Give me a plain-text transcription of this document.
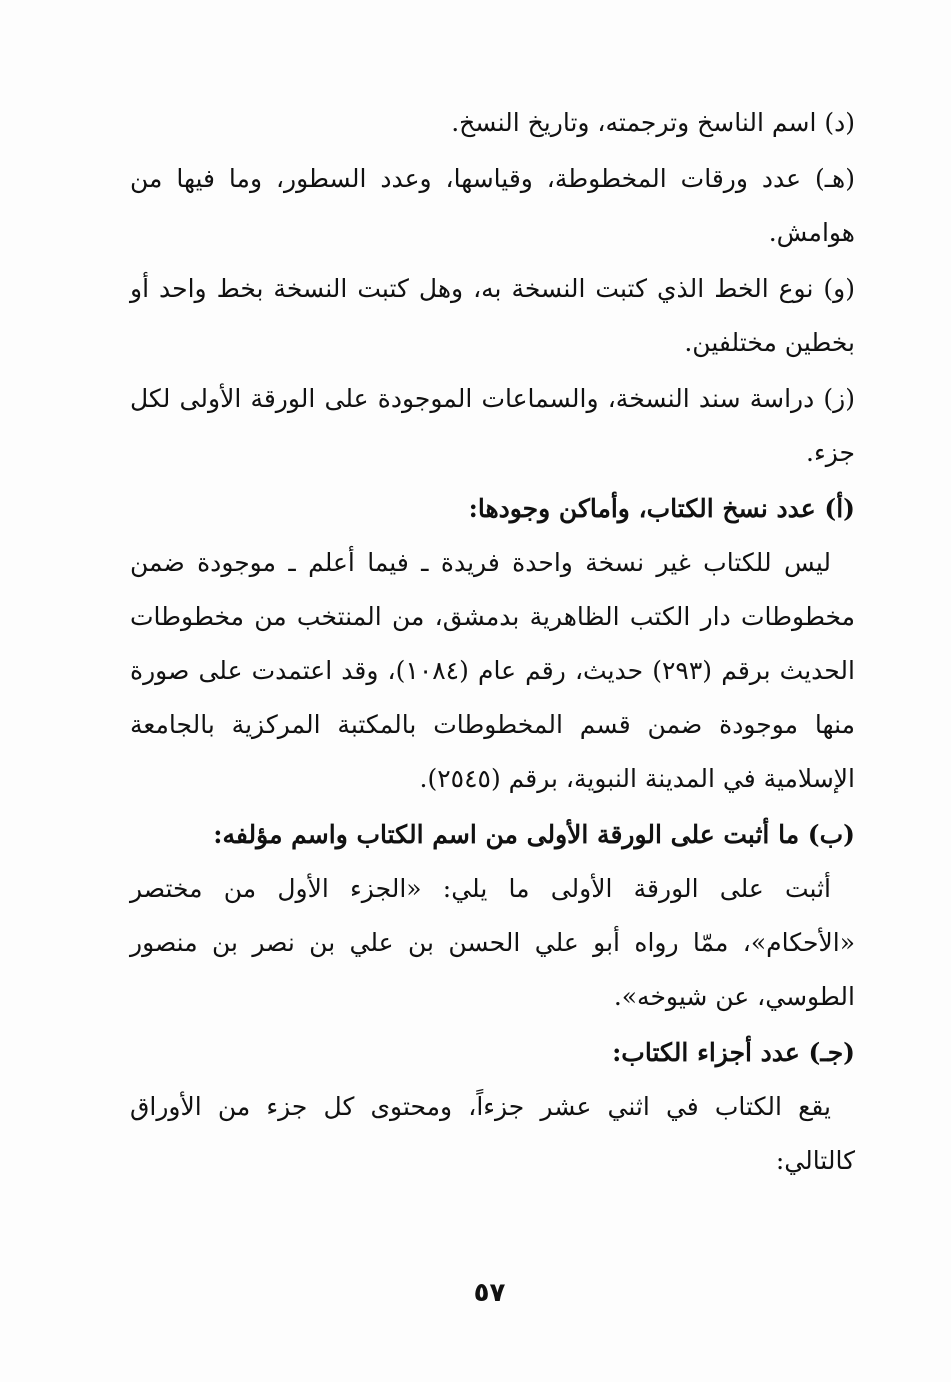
(د) اسم الناسخ وترجمته، وتاريخ النسخ.

(هـ) عدد ورقات المخطوطة، وقياسها، وعدد السطور، وما فيها من هوامش.

(و) نوع الخط الذي كتبت النسخة به، وهل كتبت النسخة بخط واحد أو بخطين مختلفين.

(ز) دراسة سند النسخة، والسماعات الموجودة على الورقة الأولى لكل جزء.

(أ) عدد نسخ الكتاب، وأماكن وجودها:

ليس للكتاب غير نسخة واحدة فريدة ـ فيما أعلم ـ موجودة ضمن مخطوطات دار الكتب الظاهرية بدمشق، من المنتخب من مخطوطات الحديث برقم (٢٩٣) حديث، رقم عام (١٠٨٤)، وقد اعتمدت على صورة منها موجودة ضمن قسم المخطوطات بالمكتبة المركزية بالجامعة الإسلامية في المدينة النبوية، برقم (٢٥٤٥).

(ب) ما أثبت على الورقة الأولى من اسم الكتاب واسم مؤلفه:

أثبت على الورقة الأولى ما يلي: «الجزء الأول من مختصر «الأحكام»، ممّا رواه أبو علي الحسن بن علي بن نصر بن منصور الطوسي، عن شيوخه».

(جـ) عدد أجزاء الكتاب:

يقع الكتاب في اثني عشر جزءاً، ومحتوى كل جزء من الأوراق كالتالي:

٥٧
